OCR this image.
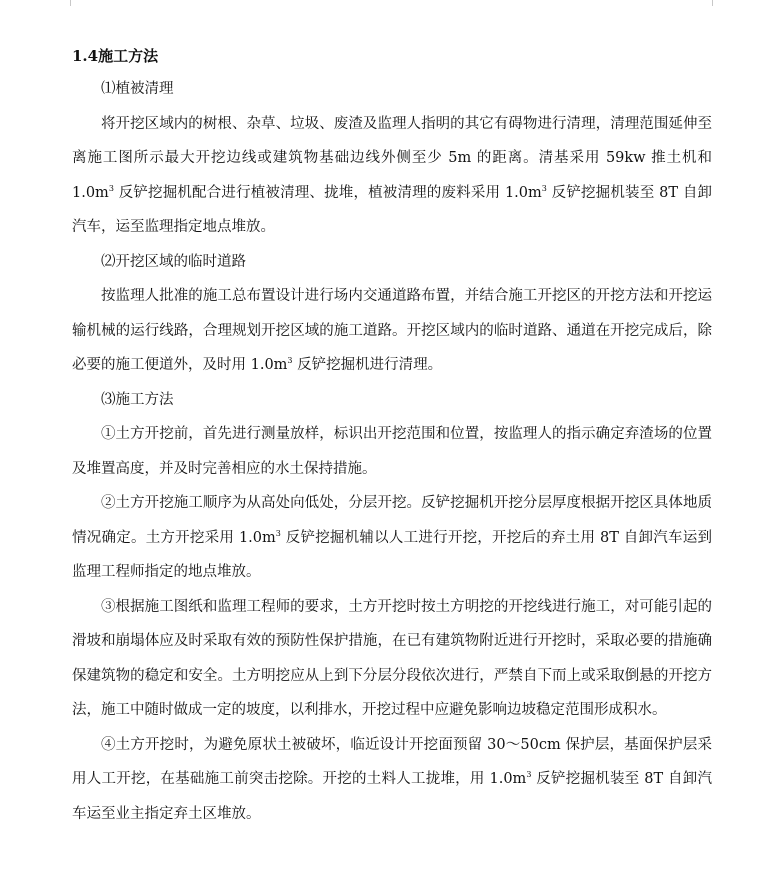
1.4施工方法

⑴植被清理

将开挖区域内的树根、杂草、垃圾、废渣及监理人指明的其它有碍物进行清理，清理范围延伸至离施工图所示最大开挖边线或建筑物基础边线外侧至少 5m 的距离。清基采用 59kw 推土机和 $1.0m^3$ 反铲挖掘机配合进行植被清理、拢堆，植被清理的废料采用 $1.0m^3$ 反铲挖掘机装至 8T 自卸汽车，运至监理指定地点堆放。

⑵开挖区域的临时道路

按监理人批准的施工总布置设计进行场内交通道路布置，并结合施工开挖区的开挖方法和开挖运输机械的运行线路，合理规划开挖区域的施工道路。开挖区域内的临时道路、通道在开挖完成后，除必要的施工便道外，及时用 $1.0m^3$ 反铲挖掘机进行清理。

⑶施工方法

①土方开挖前，首先进行测量放样，标识出开挖范围和位置，按监理人的指示确定弃渣场的位置及堆置高度，并及时完善相应的水土保持措施。

②土方开挖施工顺序为从高处向低处，分层开挖。反铲挖掘机开挖分层厚度根据开挖区具体地质情况确定。土方开挖采用 $1.0m^3$ 反铲挖掘机辅以人工进行开挖，开挖后的弃土用 8T 自卸汽车运到监理工程师指定的地点堆放。

③根据施工图纸和监理工程师的要求，土方开挖时按土方明挖的开挖线进行施工，对可能引起的滑坡和崩塌体应及时采取有效的预防性保护措施，在已有建筑物附近进行开挖时，采取必要的措施确保建筑物的稳定和安全。土方明挖应从上到下分层分段依次进行，严禁自下而上或采取倒悬的开挖方法，施工中随时做成一定的坡度，以利排水，开挖过程中应避免影响边坡稳定范围形成积水。

④土方开挖时，为避免原状土被破坏，临近设计开挖面预留 30～50cm 保护层，基面保护层采用人工开挖，在基础施工前突击挖除。开挖的土料人工拢堆，用 $1.0m^3$ 反铲挖掘机装至 8T 自卸汽车运至业主指定弃土区堆放。
